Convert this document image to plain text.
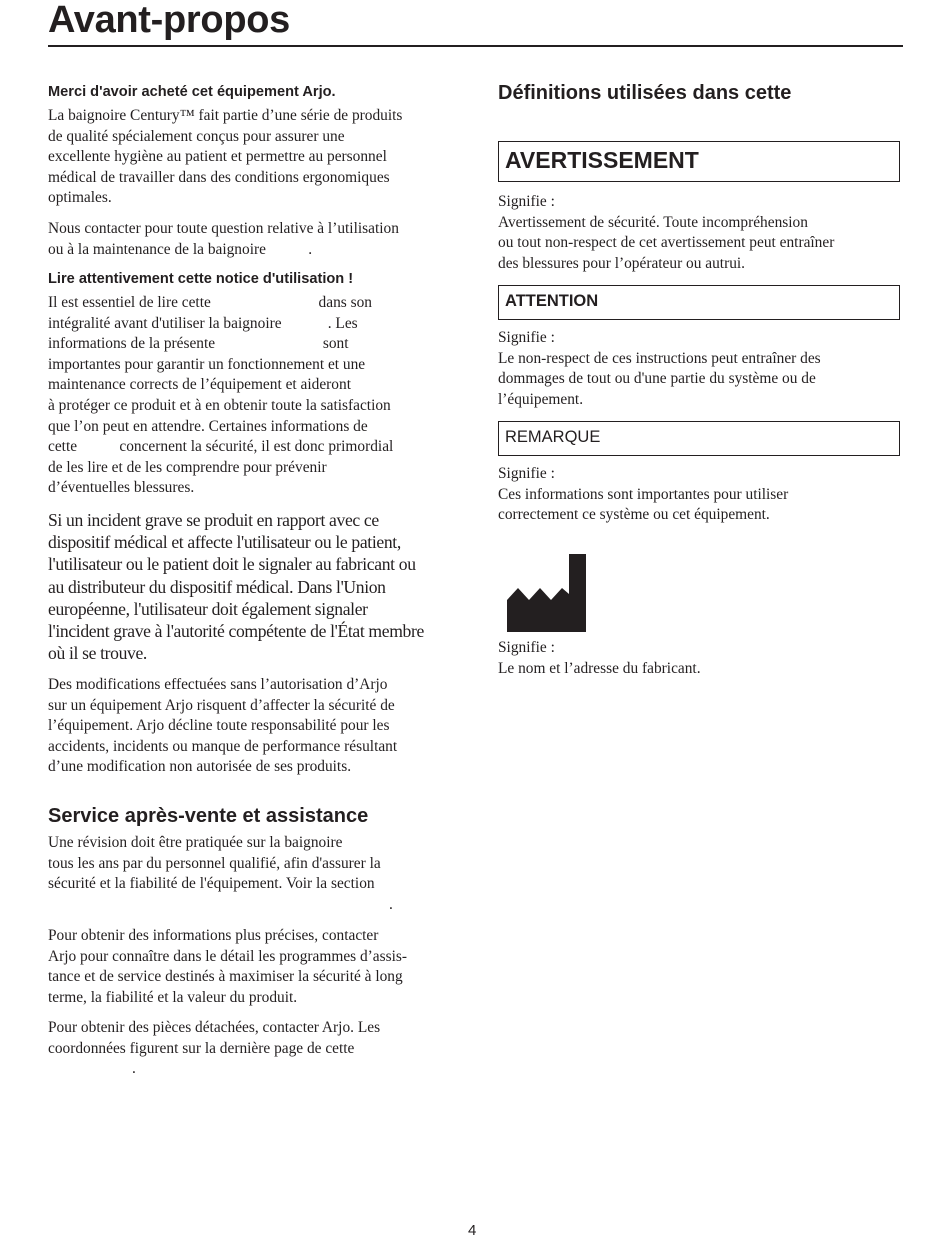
Avant-propos
Merci d'avoir acheté cet équipement Arjo.

La baignoire Century™ fait partie d’une série de produits

de qualité spécialement conçus pour assurer une

excellente hygiène au patient et permettre au personnel

médical de travailler dans des conditions ergonomiques

optimales.

Nous contacter pour toute question relative à l’utilisation

ou à la maintenance de la baignoire           .

Lire attentivement cette notice d'utilisation !

Il est essentiel de lire cette                            dans son

intégralité avant d'utiliser la baignoire            . Les

informations de la présente                            sont

importantes pour garantir un fonctionnement et une

maintenance corrects de l’équipement et aideront

à protéger ce produit et à en obtenir toute la satisfaction

que l’on peut en attendre. Certaines informations de

cette           concernent la sécurité, il est donc primordial

de les lire et de les comprendre pour prévenir

d’éventuelles blessures.

Si un incident grave se produit en rapport avec ce

dispositif médical et affecte l'utilisateur ou le patient,

l'utilisateur ou le patient doit le signaler au fabricant ou

au distributeur du dispositif médical. Dans l'Union

européenne, l'utilisateur doit également signaler

l'incident grave à l'autorité compétente de l'État membre

où il se trouve.

Des modifications effectuées sans l’autorisation d’Arjo

sur un équipement Arjo risquent d’affecter la sécurité de

l’équipement. Arjo décline toute responsabilité pour les

accidents, incidents ou manque de performance résultant

d’une modification non autorisée de ses produits.

Service après-vente et assistance

Une révision doit être pratiquée sur la baignoire

tous les ans par du personnel qualifié, afin d'assurer la

sécurité et la fiabilité de l'équipement. Voir la section

.

Pour obtenir des informations plus précises, contacter

Arjo pour connaître dans le détail les programmes d’assis-

tance et de service destinés à maximiser la sécurité à long

terme, la fiabilité et la valeur du produit.

Pour obtenir des pièces détachées, contacter Arjo. Les

coordonnées figurent sur la dernière page de cette

.
Définitions utilisées dans cette
AVERTISSEMENT

Signifie :

Avertissement de sécurité. Toute incompréhension

ou tout non-respect de cet avertissement peut entraîner

des blessures pour l’opérateur ou autrui.

ATTENTION

Signifie :

Le non-respect de ces instructions peut entraîner des

dommages de tout ou d'une partie du système ou de

l’équipement.

REMARQUE

Signifie :

Ces informations sont importantes pour utiliser

correctement ce système ou cet équipement.

Signifie :

Le nom et l’adresse du fabricant.

4
